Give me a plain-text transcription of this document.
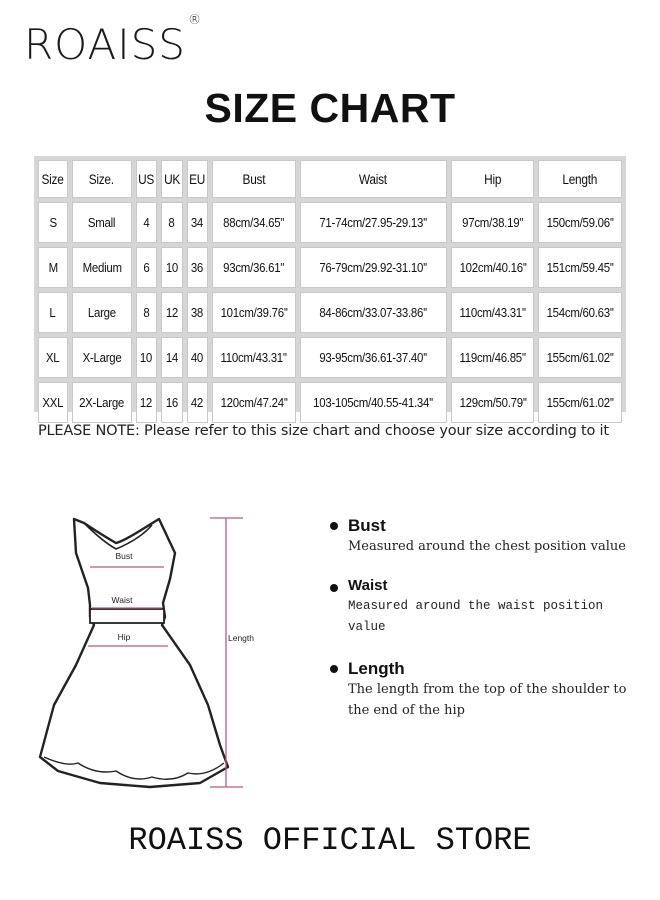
ROAISS ®
SIZE CHART
Size	Size.	US	UK	EU	Bust	Waist	Hip	Length
S	Small	4	8	34	88cm/34.65''	71-74cm/27.95-29.13''	97cm/38.19''	150cm/59.06''
M	Medium	6	10	36	93cm/36.61''	76-79cm/29.92-31.10''	102cm/40.16''	151cm/59.45''
L	Large	8	12	38	101cm/39.76''	84-86cm/33.07-33.86''	110cm/43.31''	154cm/60.63''
XL	X-Large	10	14	40	110cm/43.31''	93-95cm/36.61-37.40''	119cm/46.85''	155cm/61.02''
XXL	2X-Large	12	16	42	120cm/47.24''	103-105cm/40.55-41.34''	129cm/50.79''	155cm/61.02''
PLEASE NOTE: Please refer to this size chart and choose your size according to it
Bust
Waist
Hip	Length
Bust
Measured around the chest position value
Waist
Measured around the waist position value
Length
The length from the top of the shoulder to
the end of the hip
ROAISS OFFICIAL STORE
